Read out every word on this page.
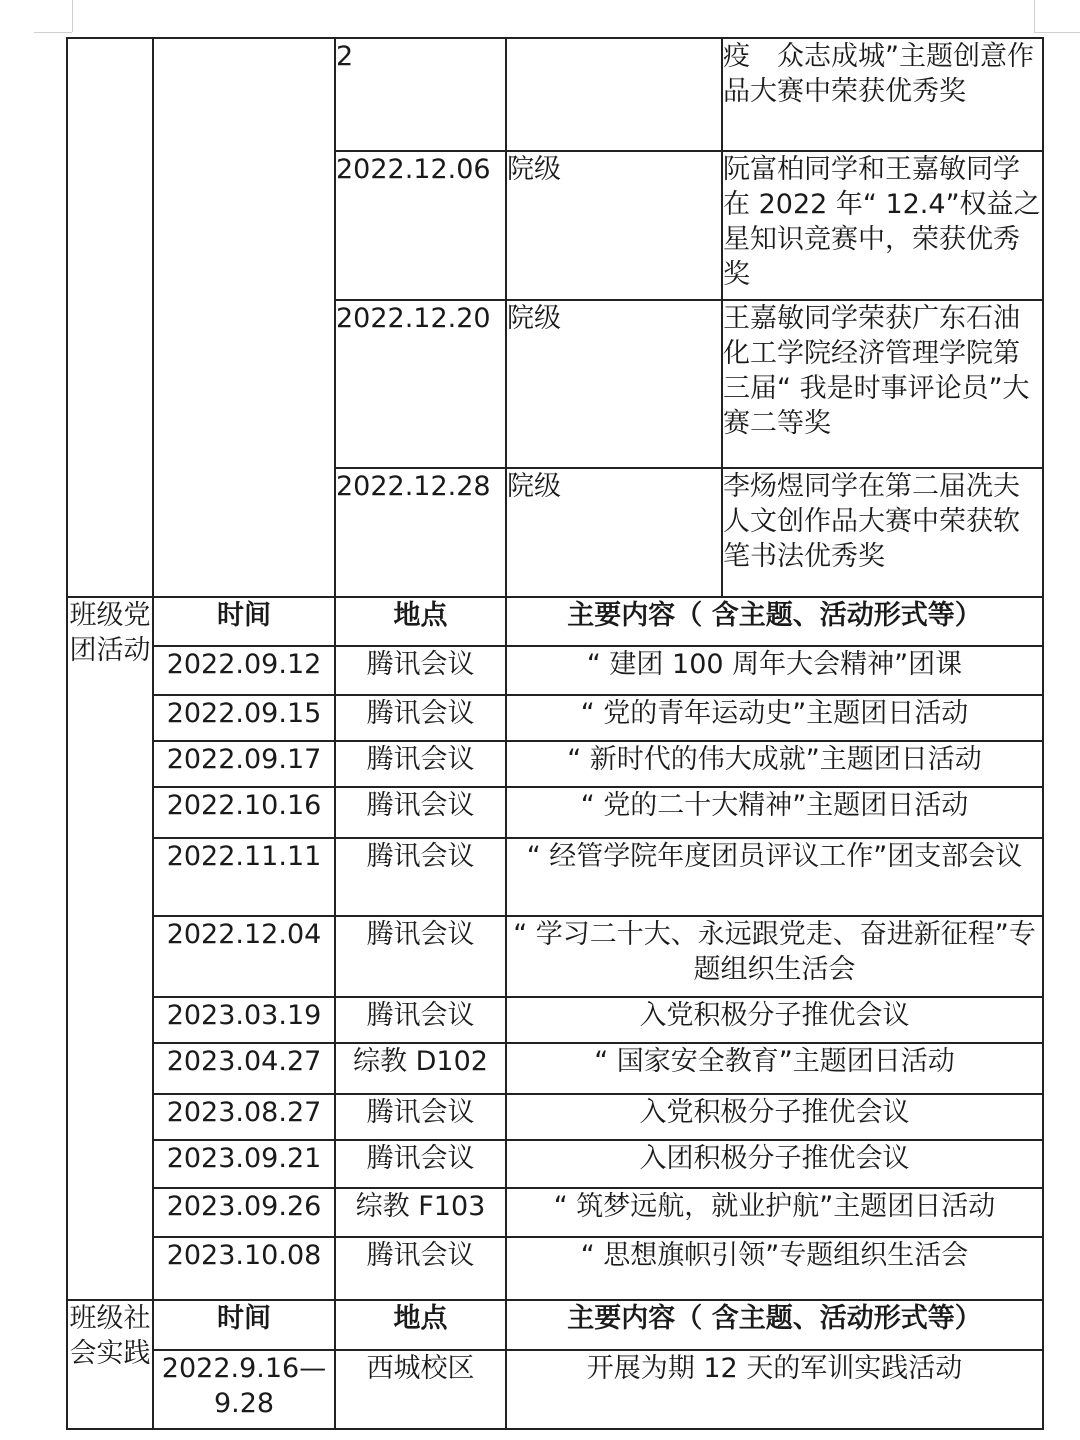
		2		疫　众志成城”主题创意作品大赛中荣获优秀奖
		2022.12.06	院级	阮富柏同学和王嘉敏同学在 2022 年“ 12.4”权益之星知识竞赛中，荣获优秀奖
		2022.12.20	院级	王嘉敏同学荣获广东石油化工学院经济管理学院第三届“ 我是时事评论员”大赛二等奖
		2022.12.28	院级	李炀煜同学在第二届冼夫人文创作品大赛中荣获软笔书法优秀奖
班级党团活动	时间	地点	主要内容（ 含主题、活动形式等）	
	2022.09.12	腾讯会议	“ 建团 100 周年大会精神”团课	
	2022.09.15	腾讯会议	“ 党的青年运动史”主题团日活动	
	2022.09.17	腾讯会议	“ 新时代的伟大成就”主题团日活动	
	2022.10.16	腾讯会议	“ 党的二十大精神”主题团日活动	
	2022.11.11	腾讯会议	“ 经管学院年度团员评议工作”团支部会议	
	2022.12.04	腾讯会议	“ 学习二十大、永远跟党走、奋进新征程”专题组织生活会	
	2023.03.19	腾讯会议	入党积极分子推优会议	
	2023.04.27	综教 D102	“ 国家安全教育”主题团日活动	
	2023.08.27	腾讯会议	入党积极分子推优会议	
	2023.09.21	腾讯会议	入团积极分子推优会议	
	2023.09.26	综教 F103	“ 筑梦远航，就业护航”主题团日活动	
	2023.10.08	腾讯会议	“ 思想旗帜引领”专题组织生活会	
班级社会实践	时间	地点	主要内容（ 含主题、活动形式等）	
	2022.9.16—9.28	西城校区	开展为期 12 天的军训实践活动	
